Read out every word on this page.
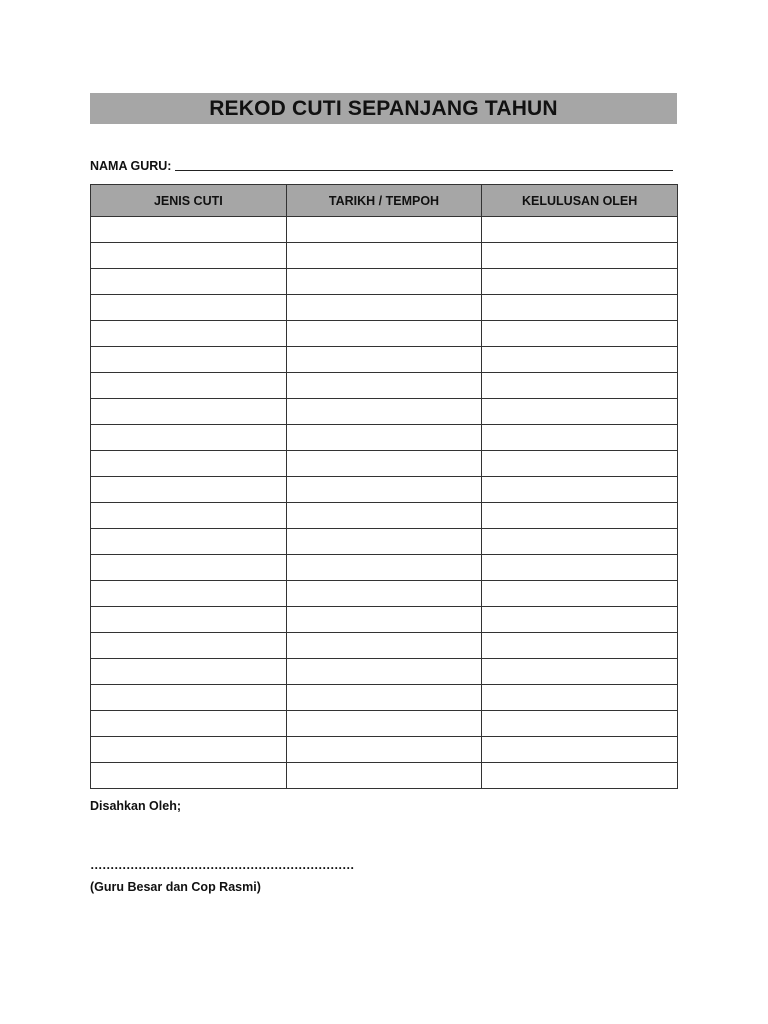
REKOD CUTI SEPANJANG TAHUN
NAMA GURU:
JENIS CUTI	TARIKH / TEMPOH	KELULUSAN OLEH

Disahkan Oleh;
…………………………………………………………
(Guru Besar dan Cop Rasmi)
